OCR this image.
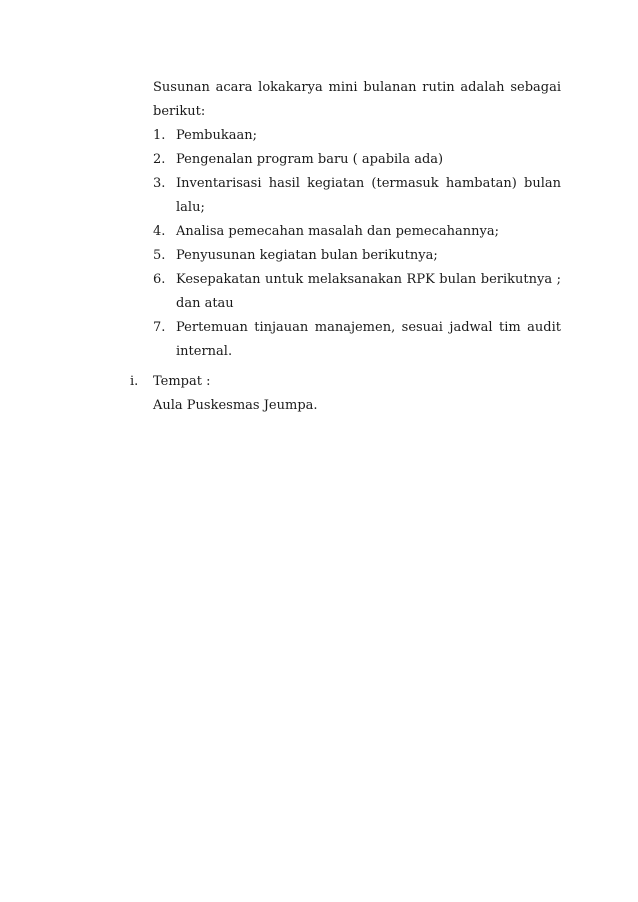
Susunan acara lokakarya mini bulanan rutin adalah sebagai
berikut:
1. Pembukaan;
2. Pengenalan program baru ( apabila ada)
3. Inventarisasi hasil kegiatan (termasuk hambatan) bulan lalu;
4. Analisa pemecahan masalah dan pemecahannya;
5. Penyusunan kegiatan bulan berikutnya;
6. Kesepakatan untuk melaksanakan RPK bulan berikutnya ; dan atau
7. Pertemuan tinjauan manajemen, sesuai jadwal tim audit internal.
i. Tempat :
Aula Puskesmas Jeumpa.
